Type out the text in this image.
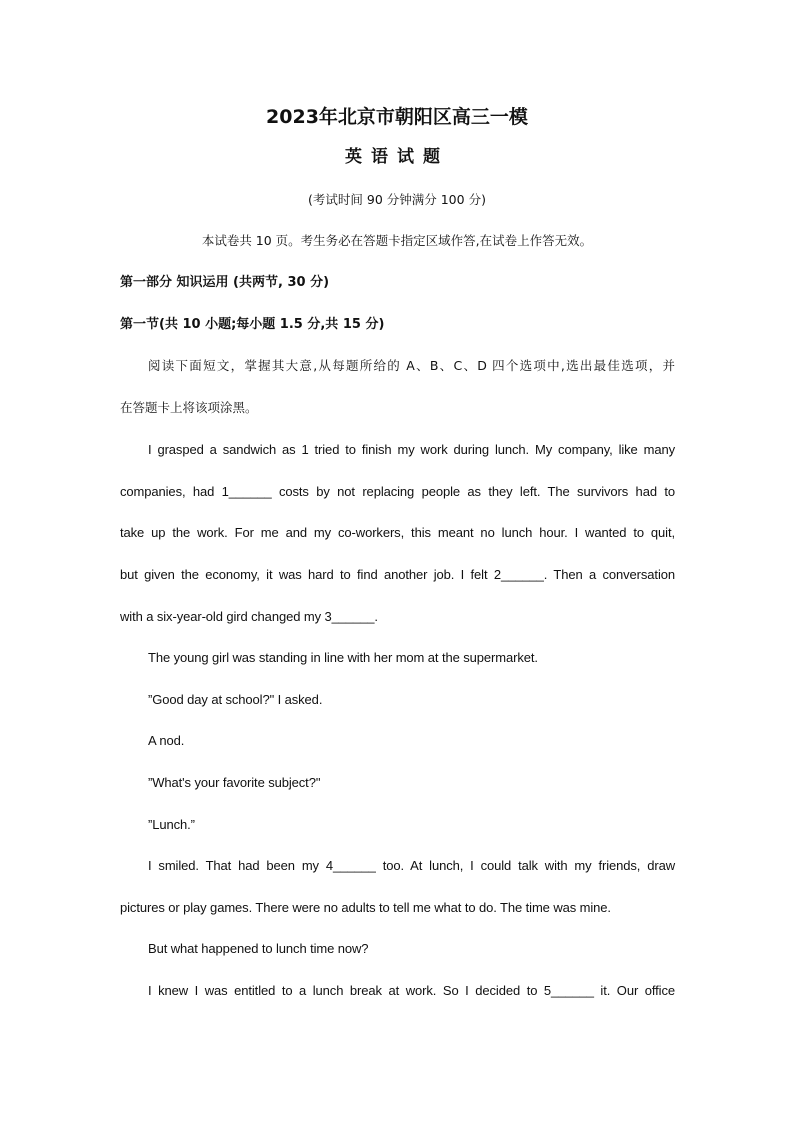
2023年北京市朝阳区高三一模
英语试题
(考试时间 90 分钟满分 100 分)
本试卷共 10 页。考生务必在答题卡指定区域作答,在试卷上作答无效。
第一部分 知识运用 (共两节, 30 分)
第一节(共 10 小题;每小题 1.5 分,共 15 分)
阅读下面短文，掌握其大意,从每题所给的 A、B、C、D 四个选项中,选出最佳选项，并
在答题卡上将该项涂黑。
I grasped a sandwich as 1 tried to finish my work during lunch. My company, like many
companies, had 1______ costs by not replacing people as they left. The survivors had to
take up the work. For me and my co-workers, this meant no lunch hour. I wanted to quit,
but given the economy, it was hard to find another job. I felt 2______. Then a conversation
with a six-year-old gird changed my 3______.
The young girl was standing in line with her mom at the supermarket.
”Good day at school?" I asked.
A nod.
”What's your favorite subject?"
”Lunch.”
I smiled. That had been my 4______ too. At lunch, I could talk with my friends, draw
pictures or play games. There were no adults to tell me what to do. The time was mine.
But what happened to lunch time now?
I knew I was entitled to a lunch break at work. So I decided to 5______ it. Our office
